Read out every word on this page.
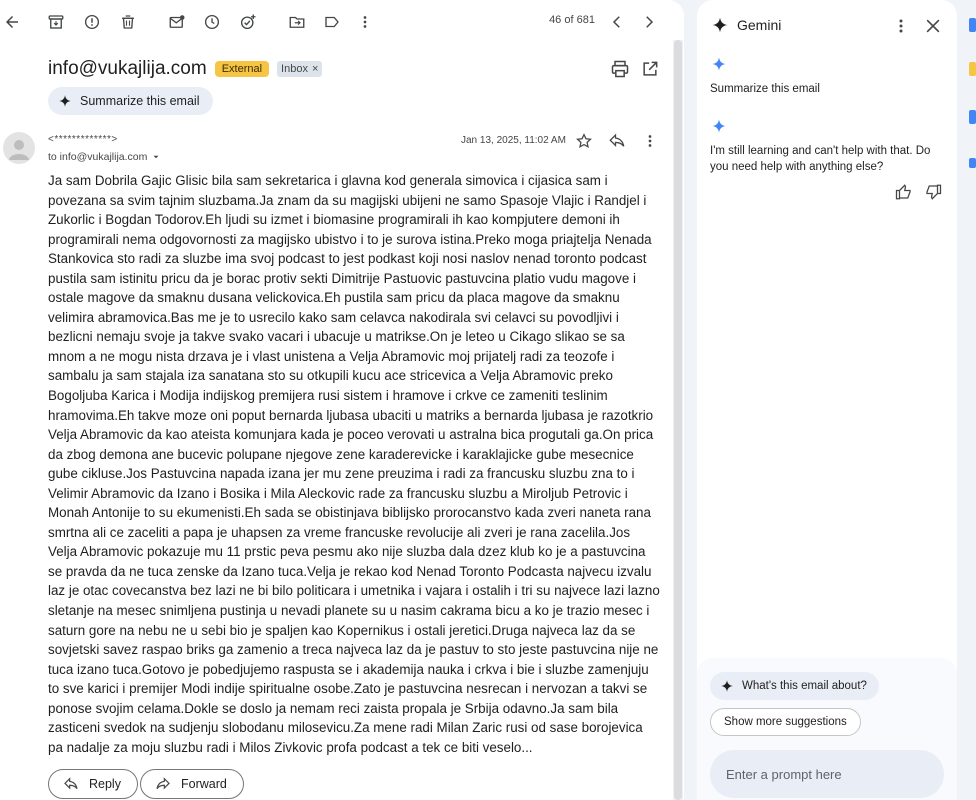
46 of 681
info@vukajlija.com	External	Inbox ×
Summarize this email
<*************>
to info@vukajlija.com
Jan 13, 2025, 11:02 AM
Ja sam Dobrila Gajic Glisic bila sam sekretarica i glavna kod generala simovica i cijasica sam i povezana sa svim tajnim sluzbama.Ja znam da su magijski ubijeni ne samo Spasoje Vlajic i Randjel i Zukorlic i Bogdan Todorov.Eh ljudi su izmet i biomasine programirali ih kao kompjutere demoni ih programirali nema odgovornosti za magijsko ubistvo i to je surova istina.Preko moga priajtelja Nenada Stankovica sto radi za sluzbe ima svoj podcast to jest podkast koji nosi naslov nenad toronto podcast pustila sam istinitu pricu da je borac protiv sekti Dimitrije Pastuovic pastuvcina platio vudu magove i ostale magove da smaknu dusana velickovica.Eh pustila sam pricu da placa magove da smaknu velimira abramovica.Bas me je to usrecilo kako sam celavca nakodirala svi celavci su povodljivi i bezlicni nemaju svoje ja takve svako vacari i ubacuje u matrikse.On je leteo u Cikago slikao se sa mnom a ne mogu nista drzava je i vlast unistena a Velja Abramovic moj prijatelj radi za teozofe i sambalu ja sam stajala iza sanatana sto su otkupili kucu ace stricevica a Velja Abramovic preko Bogoljuba Karica i Modija indijskog premijera rusi sistem i hramove i crkve ce zameniti teslinim hramovima.Eh takve moze oni poput bernarda ljubasa ubaciti u matriks a bernarda ljubasa je razotkrio Velja Abramovic da kao ateista komunjara kada je poceo verovati u astralna bica progutali ga.On prica da zbog demona ane bucevic polupane njegove zene karaderevicke i karaklajicke gube mesecnice gube cikluse.Jos Pastuvcina napada izana jer mu zene preuzima i radi za francusku sluzbu zna to i Velimir Abramovic da Izano i Bosika i Mila Aleckovic rade za francusku sluzbu a Miroljub Petrovic i Monah Antonije to su ekumenisti.Eh sada se obistinjava biblijsko prorocanstvo kada zveri naneta rana smrtna ali ce zaceliti a papa je uhapsen za vreme francuske revolucije ali zveri je rana zacelila.Jos Velja Abramovic pokazuje mu 11 prstic peva pesmu ako nije sluzba dala dzez klub ko je a pastuvcina se pravda da ne tuca zenske da Izano tuca.Velja je rekao kod Nenad Toronto Podcasta najvecu izvalu laz je otac covecanstva bez lazi ne bi bilo politicara i umetnika i vajara i ostalih i tri su najvece lazi lazno sletanje na mesec snimljena pustinja u nevadi planete su u nasim cakrama bicu a ko je trazio mesec i saturn gore na nebu ne u sebi bio je spaljen kao Kopernikus i ostali jeretici.Druga najveca laz da se sovjetski savez raspao briks ga zamenio a treca najveca laz da je pastuv to sto jeste pastuvcina nije ne tuca izano tuca.Gotovo je pobedjujemo raspusta se i akademija nauka i crkva i bie i sluzbe zamenjuju to sve karici i premijer Modi indije spiritualne osobe.Zato je pastuvcina nesrecan i nervozan a takvi se ponose svojim celama.Dokle se doslo ja nemam reci zaista propala je Srbija odavno.Ja sam bila zasticeni svedok na sudjenju slobodanu milosevicu.Za mene radi Milan Zaric rusi od sase borojevica pa nadalje za moju sluzbu radi i Milos Zivkovic profa podcast a tek ce biti veselo...
Reply	Forward
Gemini
Summarize this email
I'm still learning and can't help with that. Do you need help with anything else?
What's this email about?
Show more suggestions
Enter a prompt here
